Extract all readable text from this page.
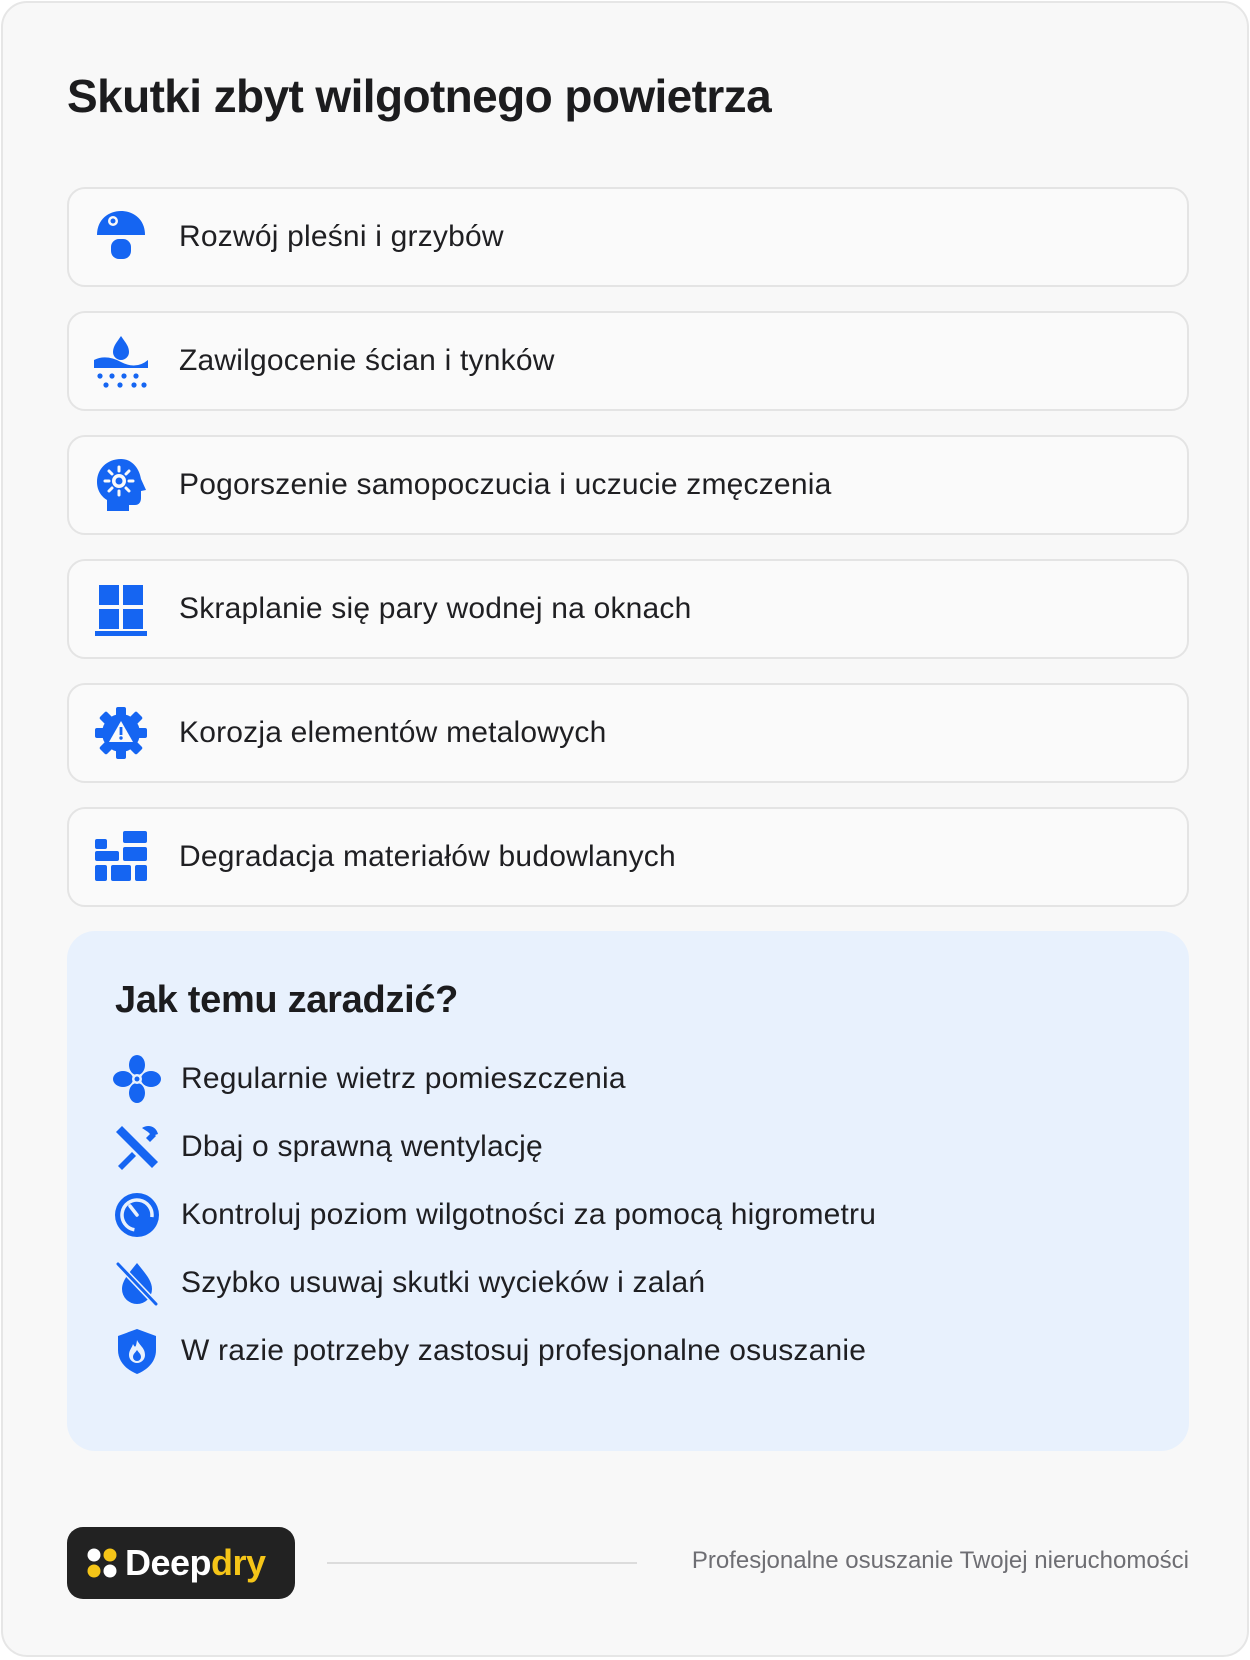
Skutki zbyt wilgotnego powietrza
Rozwój pleśni i grzybów
Zawilgocenie ścian i tynków
Pogorszenie samopoczucia i uczucie zmęczenia
Skraplanie się pary wodnej na oknach
Korozja elementów metalowych
Degradacja materiałów budowlanych
Jak temu zaradzić?
Regularnie wietrz pomieszczenia
Dbaj o sprawną wentylację
Kontroluj poziom wilgotności za pomocą higrometru
Szybko usuwaj skutki wycieków i zalań
W razie potrzeby zastosuj profesjonalne osuszanie
Deep dry	Profesjonalne osuszanie Twojej nieruchomości
